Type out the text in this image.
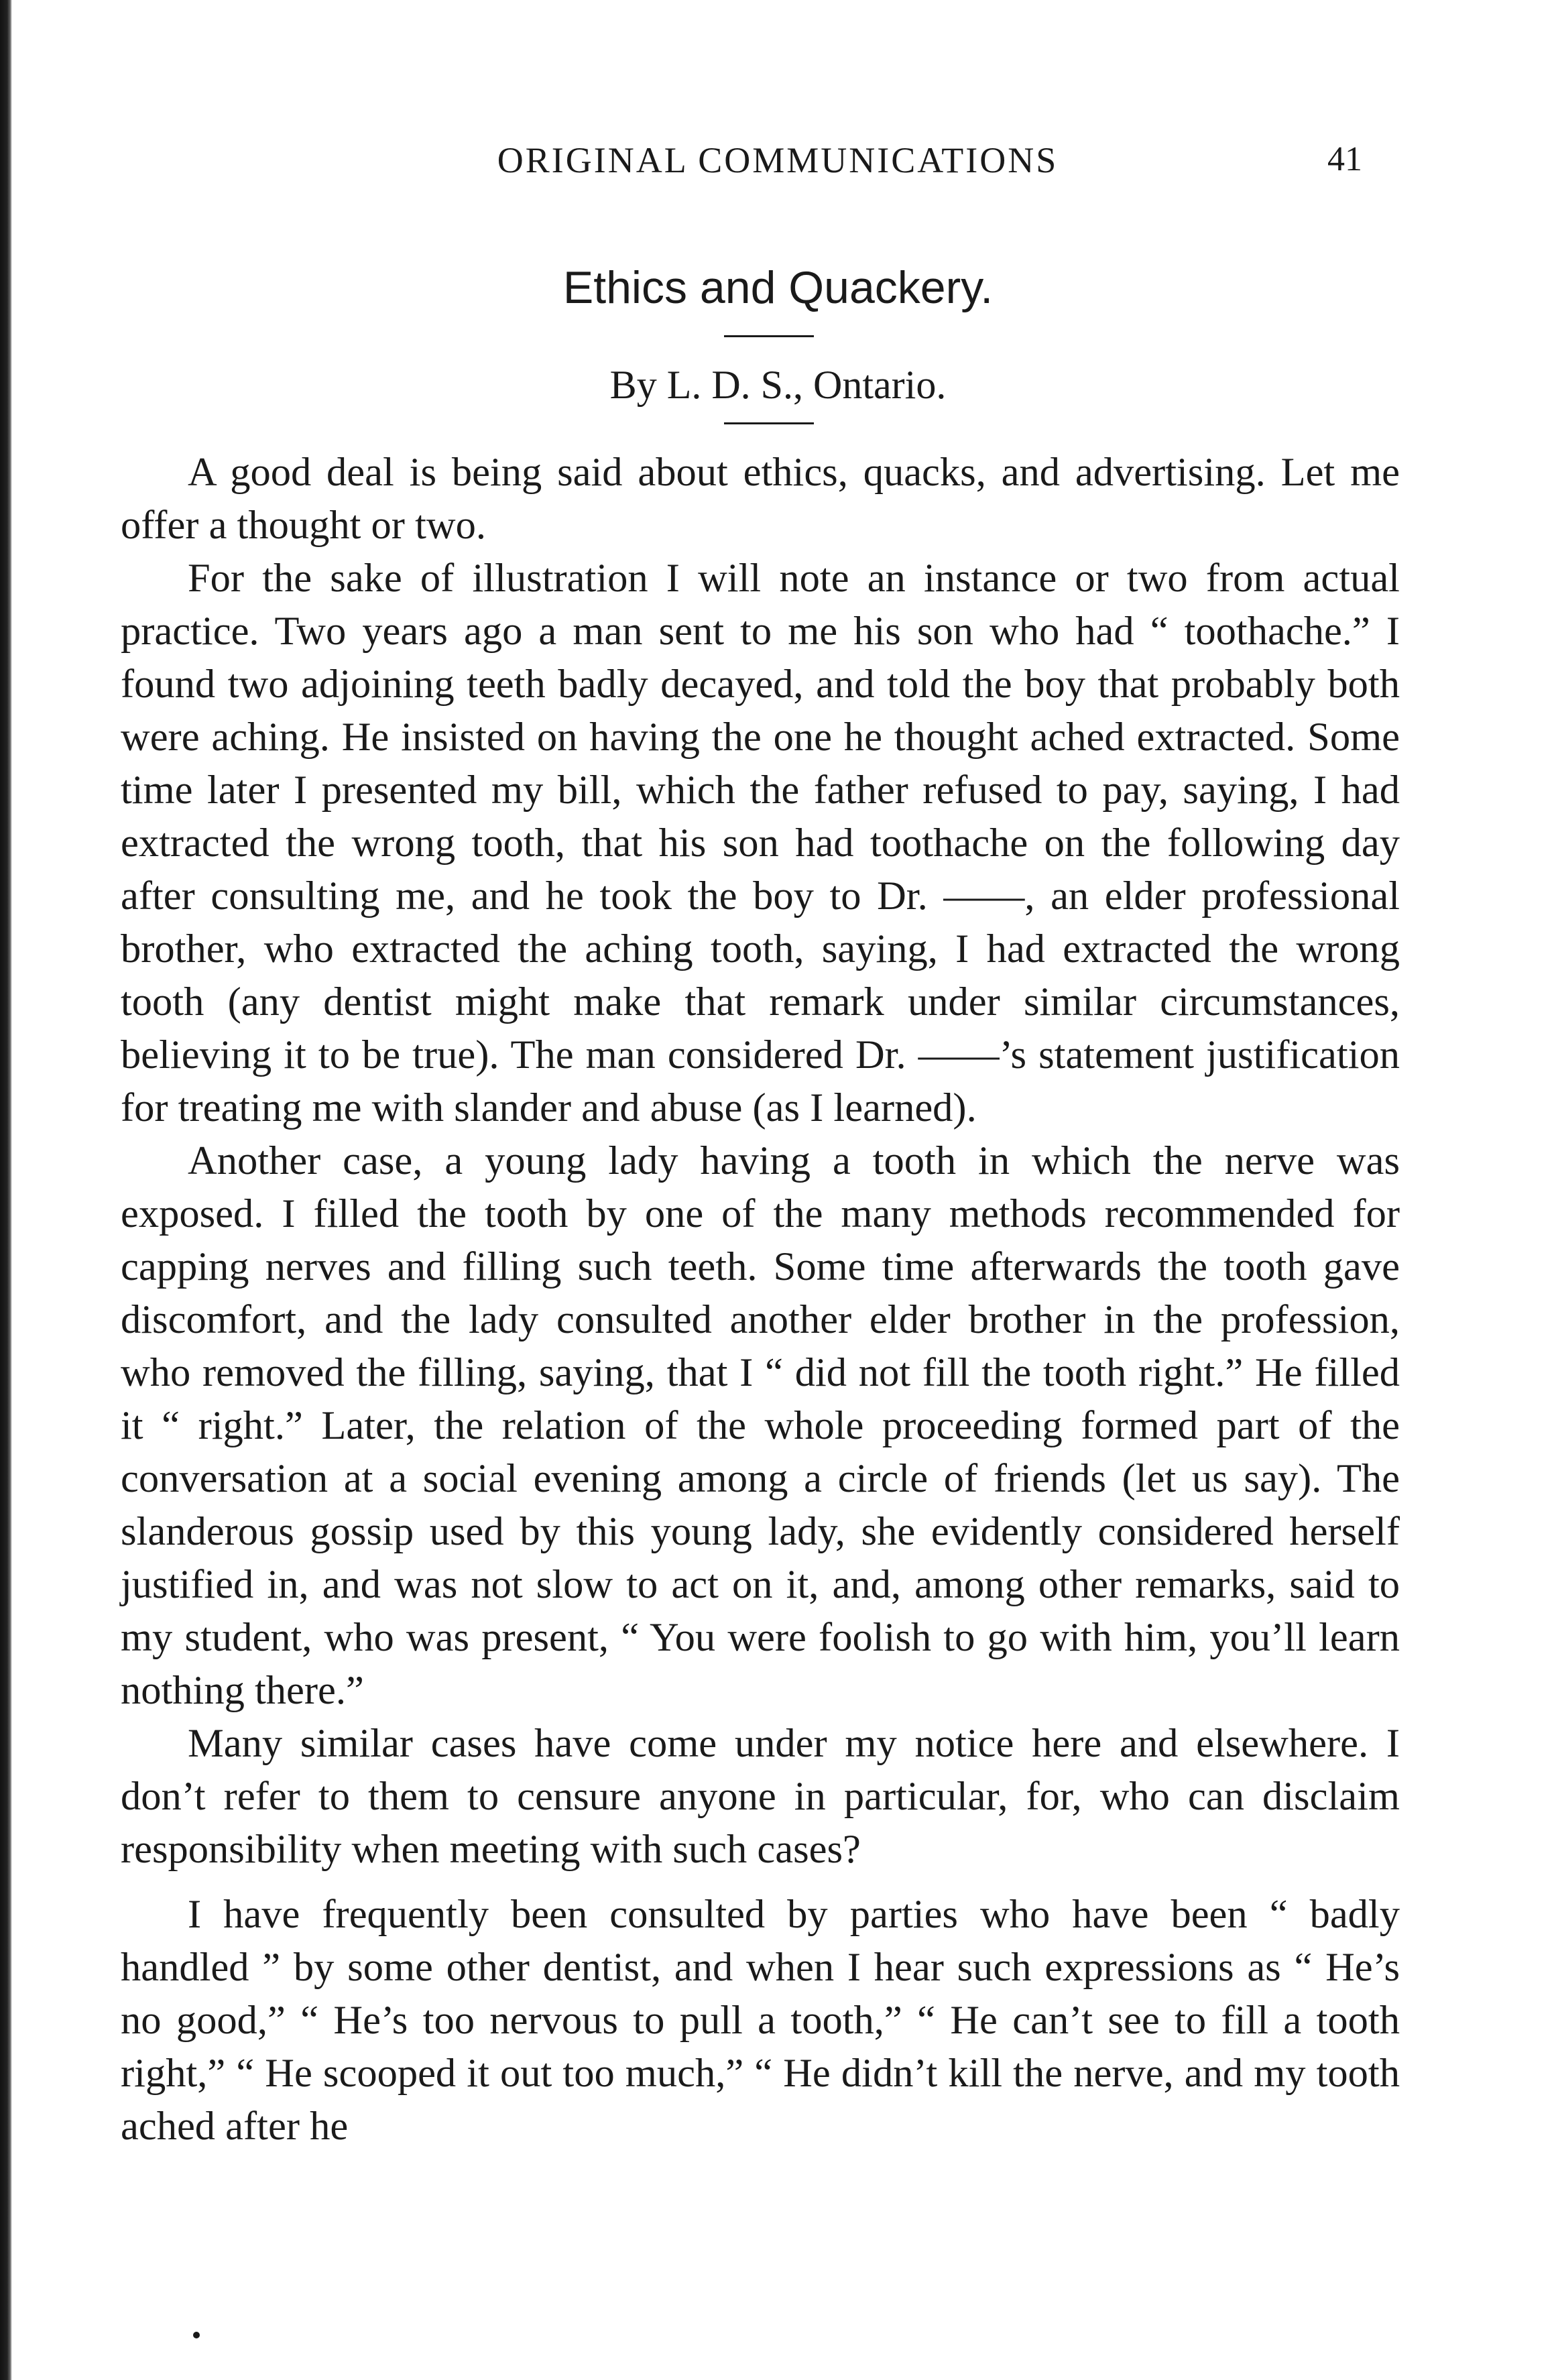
ORIGINAL COMMUNICATIONS	41
Ethics and Quackery.
By L. D. S., Ontario.

A good deal is being said about ethics, quacks, and advertising. Let me offer a thought or two.

For the sake of illustration I will note an instance or two from actual practice. Two years ago a man sent to me his son who had “ toothache.” I found two adjoining teeth badly decayed, and told the boy that probably both were aching. He insisted on having the one he thought ached extracted. Some time later I presented my bill, which the father refused to pay, saying, I had extracted the wrong tooth, that his son had toothache on the following day after consulting me, and he took the boy to Dr. ——, an elder professional brother, who extracted the aching tooth, saying, I had extracted the wrong tooth (any dentist might make that remark under similar circumstances, believing it to be true). The man considered Dr. ——’s statement justification for treating me with slander and abuse (as I learned).

Another case, a young lady having a tooth in which the nerve was exposed. I filled the tooth by one of the many methods recommended for capping nerves and filling such teeth. Some time afterwards the tooth gave discomfort, and the lady consulted another elder brother in the profession, who removed the filling, saying, that I “ did not fill the tooth right.” He filled it “ right.” Later, the relation of the whole proceeding formed part of the conversation at a social evening among a circle of friends (let us say). The slanderous gossip used by this young lady, she evidently considered herself justified in, and was not slow to act on it, and, among other remarks, said to my student, who was present, “ You were foolish to go with him, you’ll learn nothing there.”

Many similar cases have come under my notice here and elsewhere. I don’t refer to them to censure anyone in particular, for, who can disclaim responsibility when meeting with such cases?

I have frequently been consulted by parties who have been “ badly handled ” by some other dentist, and when I hear such expressions as “ He’s no good,” “ He’s too nervous to pull a tooth,” “ He can’t see to fill a tooth right,” “ He scooped it out too much,” “ He didn’t kill the nerve, and my tooth ached after he
